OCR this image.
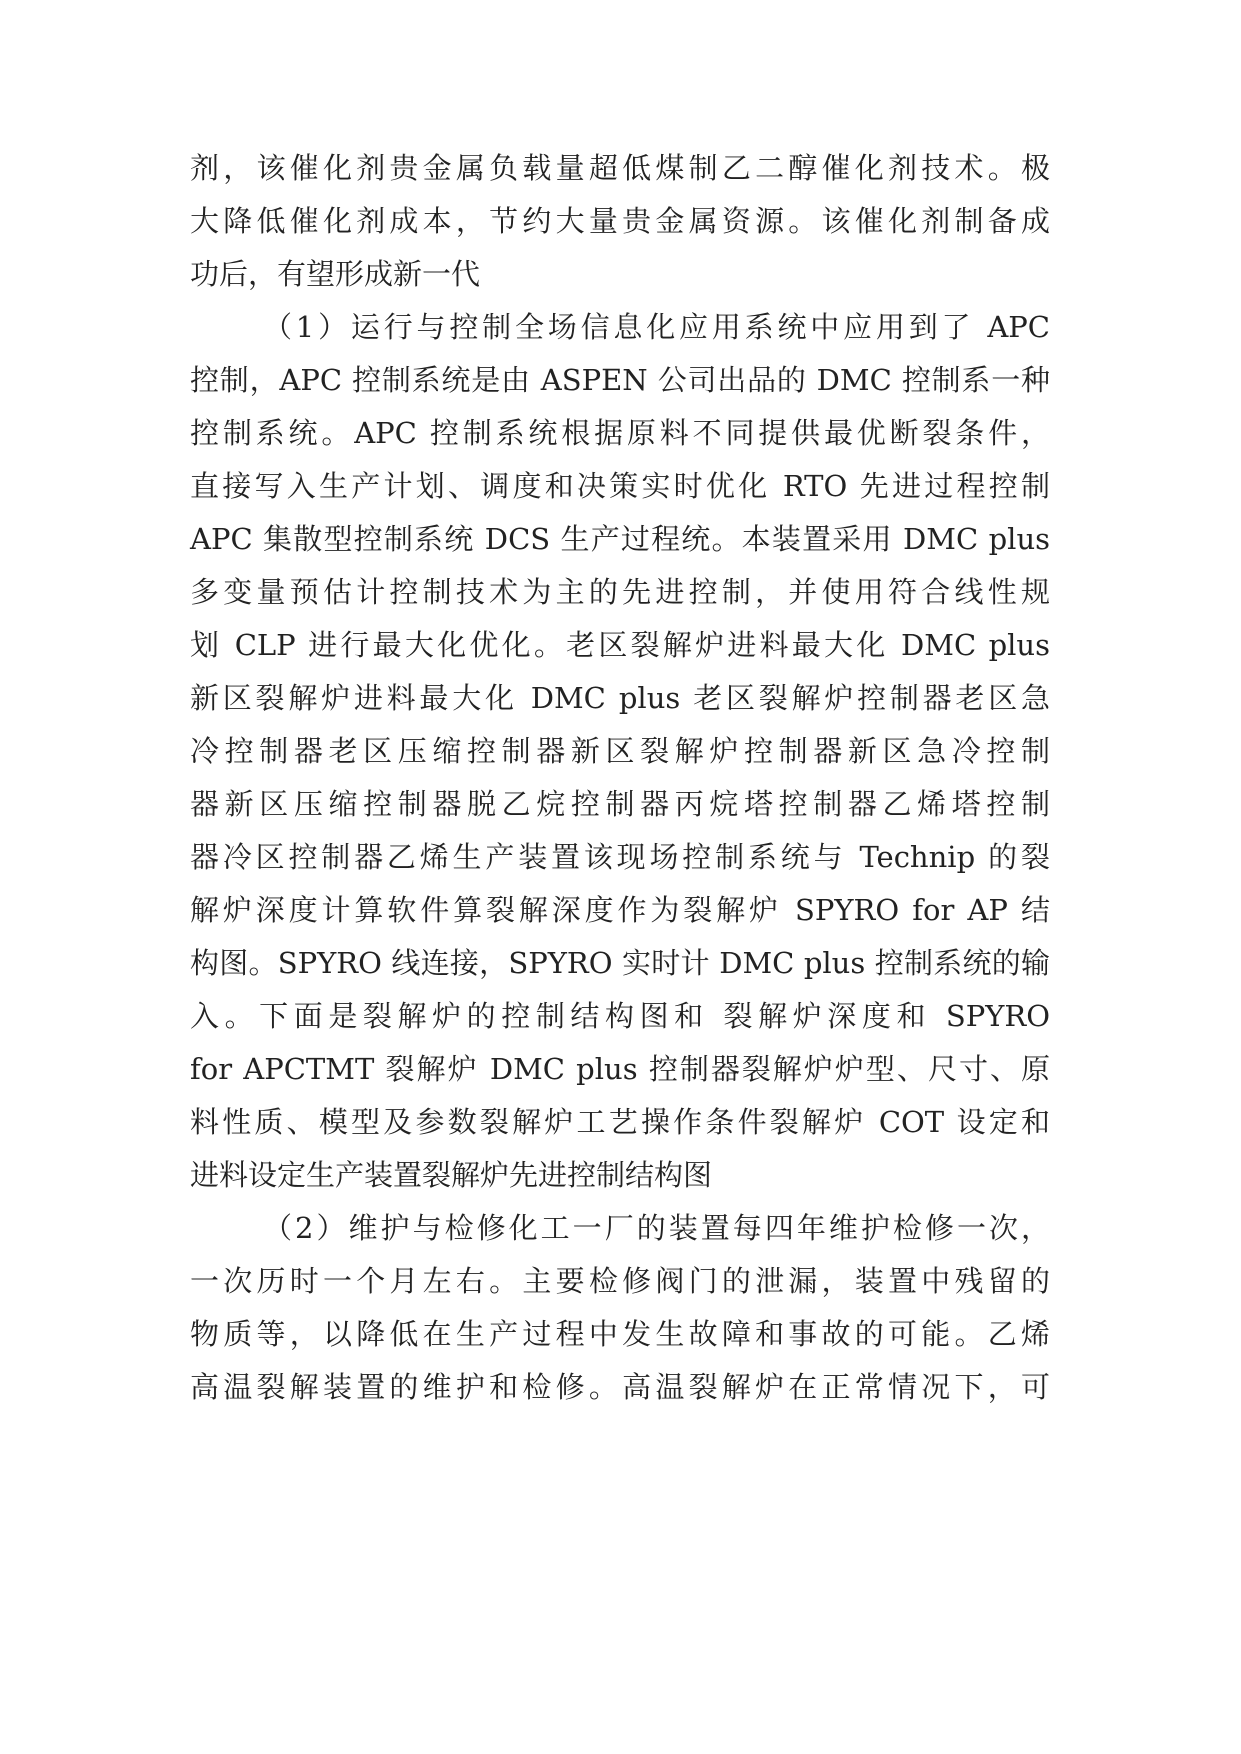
剂，该催化剂贵金属负载量超低煤制乙二醇催化剂技术。极
大降低催化剂成本，节约大量贵金属资源。该催化剂制备成
功后，有望形成新一代
（1）运行与控制全场信息化应用系统中应用到了 APC
控制，APC 控制系统是由 ASPEN 公司出品的 DMC 控制系一种
控制系统。APC 控制系统根据原料不同提供最优断裂条件，
直接写入生产计划、调度和决策实时优化 RTO 先进过程控制
APC 集散型控制系统 DCS 生产过程统。本装置采用 DMC plus
多变量预估计控制技术为主的先进控制，并使用符合线性规
划 CLP 进行最大化优化。老区裂解炉进料最大化 DMC plus
新区裂解炉进料最大化 DMC plus 老区裂解炉控制器老区急
冷控制器老区压缩控制器新区裂解炉控制器新区急冷控制
器新区压缩控制器脱乙烷控制器丙烷塔控制器乙烯塔控制
器冷区控制器乙烯生产装置该现场控制系统与 Technip 的裂
解炉深度计算软件算裂解深度作为裂解炉 SPYRO for AP 结
构图。SPYRO 线连接，SPYRO 实时计 DMC plus 控制系统的输
入。下面是裂解炉的控制结构图和 裂解炉深度和 SPYRO
for APCTMT 裂解炉 DMC plus 控制器裂解炉炉型、尺寸、原
料性质、模型及参数裂解炉工艺操作条件裂解炉 COT 设定和
进料设定生产装置裂解炉先进控制结构图
（2）维护与检修化工一厂的装置每四年维护检修一次，
一次历时一个月左右。主要检修阀门的泄漏，装置中残留的
物质等，以降低在生产过程中发生故障和事故的可能。乙烯
高温裂解装置的维护和检修。高温裂解炉在正常情况下，可
